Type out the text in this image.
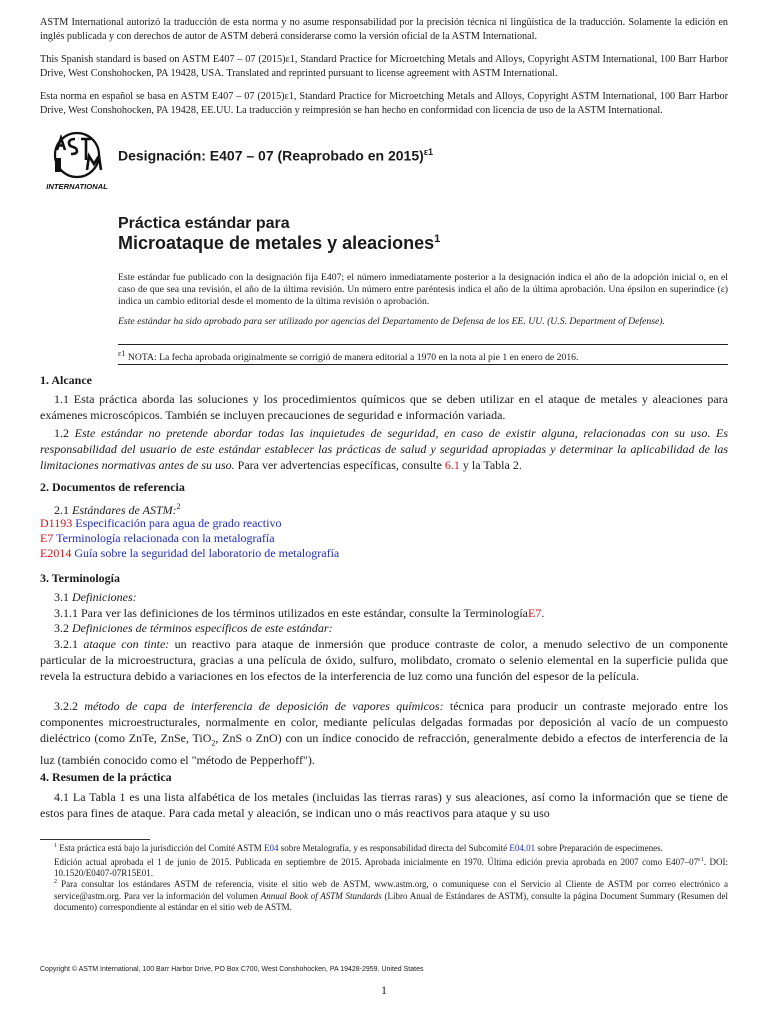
ASTM International autorizó la traducción de esta norma y no asume responsabilidad por la precisión técnica ni lingüística de la traducción. Solamente la edición en inglés publicada y con derechos de autor de ASTM deberá considerarse como la versión oficial de la ASTM International.
This Spanish standard is based on ASTM E407 – 07 (2015)ε1, Standard Practice for Microetching Metals and Alloys, Copyright ASTM International, 100 Barr Harbor Drive, West Conshohocken, PA 19428, USA. Translated and reprinted pursuant to license agreement with ASTM International.
Esta norma en español se basa en ASTM E407 – 07 (2015)ε1, Standard Practice for Microetching Metals and Alloys, Copyright ASTM International, 100 Barr Harbor Drive, West Conshohocken, PA 19428, EE.UU. La traducción y reimpresión se han hecho en conformidad con licencia de uso de la ASTM International.
INTERNATIONAL
Designación: E407 – 07 (Reaprobado en 2015)$^{\varepsilon 1}$
Práctica estándar para
Microataque de metales y aleaciones$^1$
Este estándar fue publicado con la designación fija E407; el número inmediatamente posterior a la designación indica el año de la adopción inicial o, en el caso de que sea una revisión, el año de la última revisión. Un número entre paréntesis indica el año de la última aprobación. Una épsilon en superíndice (ε) indica un cambio editorial desde el momento de la última revisión o aprobación.
Este estándar ha sido aprobado para ser utilizado por agencias del Departamento de Defensa de los EE. UU. (U.S. Department of Defense).
$^{\varepsilon 1}$ NOTA: La fecha aprobada originalmente se corrigió de manera editorial a 1970 en la nota al pie 1 en enero de 2016.
1. Alcance
1.1 Esta práctica aborda las soluciones y los procedimientos químicos que se deben utilizar en el ataque de metales y aleaciones para exámenes microscópicos. También se incluyen precauciones de seguridad e información variada.
1.2 Este estándar no pretende abordar todas las inquietudes de seguridad, en caso de existir alguna, relacionadas con su uso. Es responsabilidad del usuario de este estándar establecer las prácticas de salud y seguridad apropiadas y determinar la aplicabilidad de las limitaciones normativas antes de su uso. Para ver advertencias específicas, consulte 6.1 y la Tabla 2.
2. Documentos de referencia
2.1 Estándares de ASTM:$^2$
D1193 Especificación para agua de grado reactivo
E7 Terminología relacionada con la metalografía
E2014 Guía sobre la seguridad del laboratorio de metalografía
3. Terminología
3.1 Definiciones:
3.1.1 Para ver las definiciones de los términos utilizados en este estándar, consulte la TerminologíaE7.
3.2 Definiciones de términos específicos de este estándar:
3.2.1 ataque con tinte: un reactivo para ataque de inmersión que produce contraste de color, a menudo selectivo de un componente particular de la microestructura, gracias a una película de óxido, sulfuro, molibdato, cromato o selenio elemental en la superficie pulida que revela la estructura debido a variaciones en los efectos de la interferencia de luz como una función del espesor de la película.
3.2.2 método de capa de interferencia de deposición de vapores químicos: técnica para producir un contraste mejorado entre los componentes microestructurales, normalmente en color, mediante películas delgadas formadas por deposición al vacío de un compuesto dieléctrico (como ZnTe, ZnSe, TiO$_2$, ZnS o ZnO) con un índice conocido de refracción, generalmente debido a efectos de interferencia de la luz (también conocido como el "método de Pepperhoff").
4. Resumen de la práctica
4.1 La Tabla 1 es una lista alfabética de los metales (incluidas las tierras raras) y sus aleaciones, así como la información que se tiene de estos para fines de ataque. Para cada metal y aleación, se indican uno o más reactivos para ataque y su uso
$^1$ Esta práctica está bajo la jurisdicción del Comité ASTM E04 sobre Metalografía, y es responsabilidad directa del Subcomité E04.01 sobre Preparación de especímenes.
Edición actual aprobada el 1 de junio de 2015. Publicada en septiembre de 2015. Aprobada inicialmente en 1970. Última edición previa aprobada en 2007 como $E407-07^{\varepsilon 1}$. DOI: 10.1520/E0407-07R15E01.
$^2$ Para consultar los estándares ASTM de referencia, visite el sitio web de ASTM, www.astm.org, o comuníquese con el Servicio al Cliente de ASTM por correo electrónico a service@astm.org. Para ver la información del volumen Annual Book of ASTM Standards (Libro Anual de Estándares de ASTM), consulte la página Document Summary (Resumen del documento) correspondiente al estándar en el sitio web de ASTM.
Copyright © ASTM International, 100 Barr Harbor Drive, PO Box C700, West Conshohocken, PA 19428-2959. United States
1
